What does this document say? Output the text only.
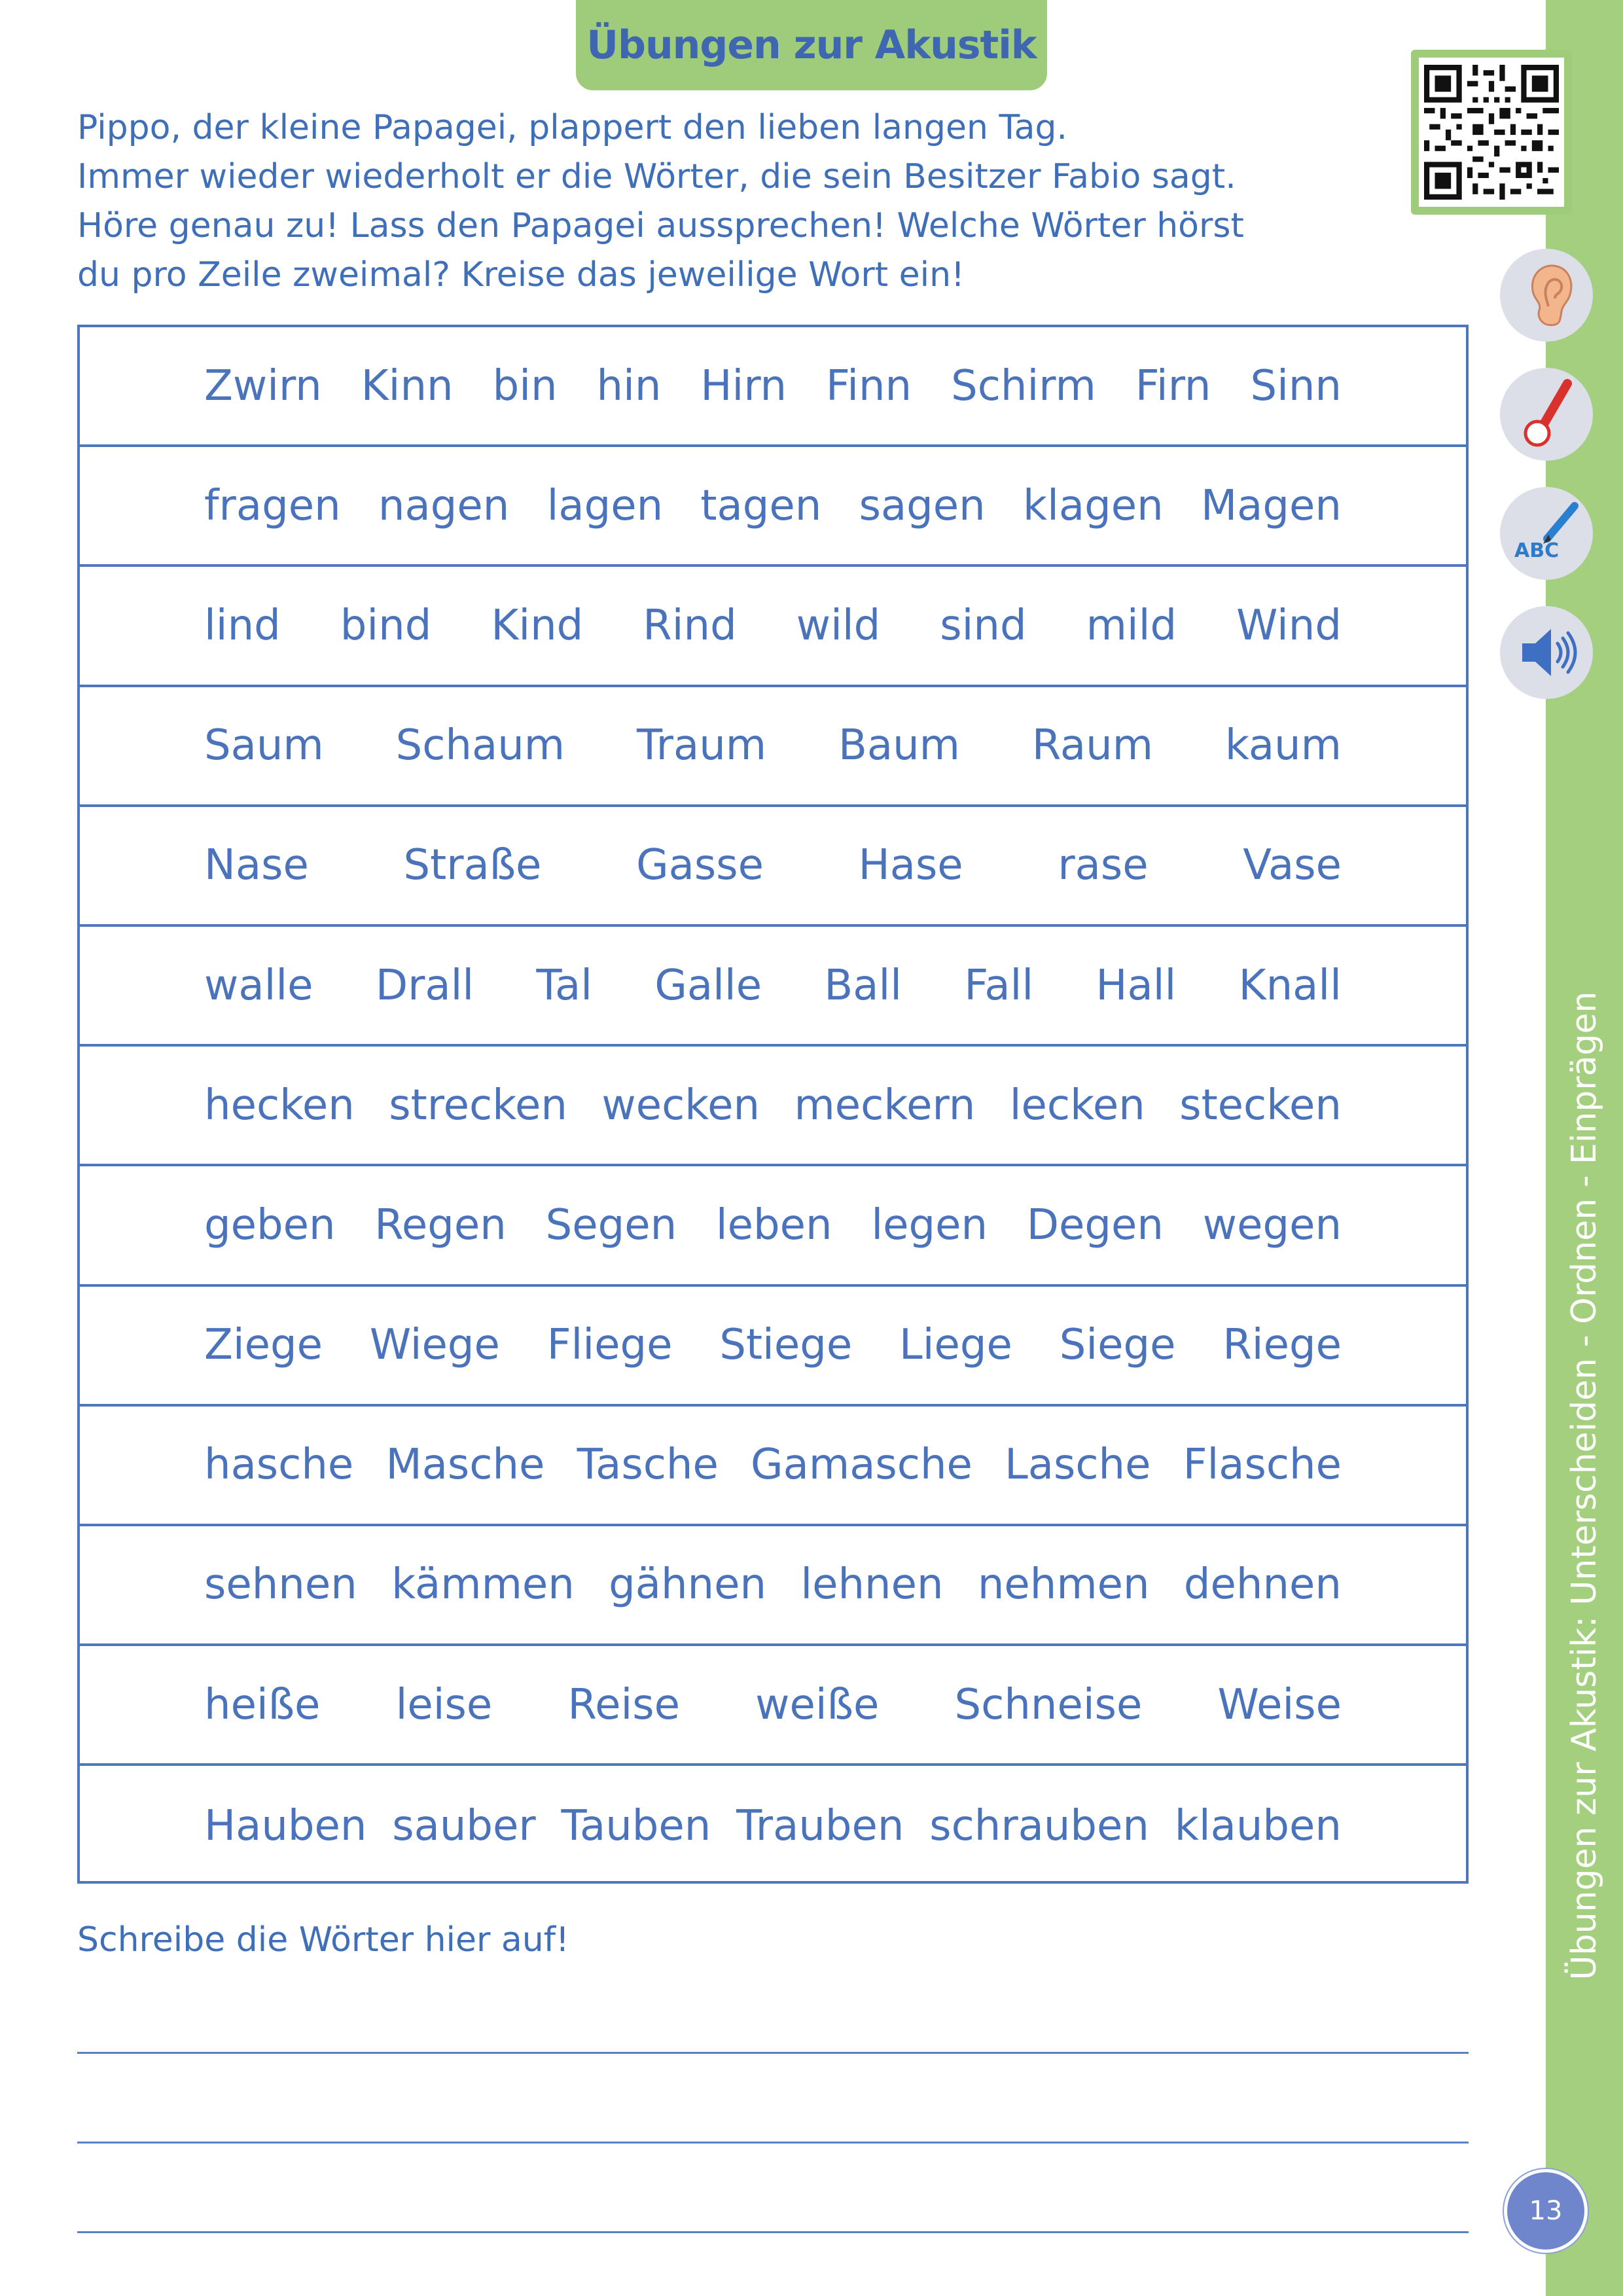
Übungen zur Akustik
Übungen zur Akustik: Unterscheiden - Ordnen - Einprägen
ABC
Pippo, der kleine Papagei, plappert den lieben langen Tag.
Immer wieder wiederholt er die Wörter, die sein Besitzer Fabio sagt.
Höre genau zu! Lass den Papagei aussprechen! Welche Wörter hörst
du pro Zeile zweimal? Kreise das jeweilige Wort ein!
Zwirn Kinn bin hin Hirn Finn Schirm Firn Sinn
fragen nagen lagen tagen sagen klagen Magen
lind bind Kind Rind wild sind mild Wind
Saum Schaum Traum Baum Raum kaum
Nase Straße Gasse Hase rase Vase
walle Drall Tal Galle Ball Fall Hall Knall
hecken strecken wecken meckern lecken stecken
geben Regen Segen leben legen Degen wegen
Ziege Wiege Fliege Stiege Liege Siege Riege
hasche Masche Tasche Gamasche Lasche Flasche
sehnen kämmen gähnen lehnen nehmen dehnen
heiße leise Reise weiße Schneise Weise
Hauben sauber Tauben Trauben schrauben klauben
Schreibe die Wörter hier auf!
13
